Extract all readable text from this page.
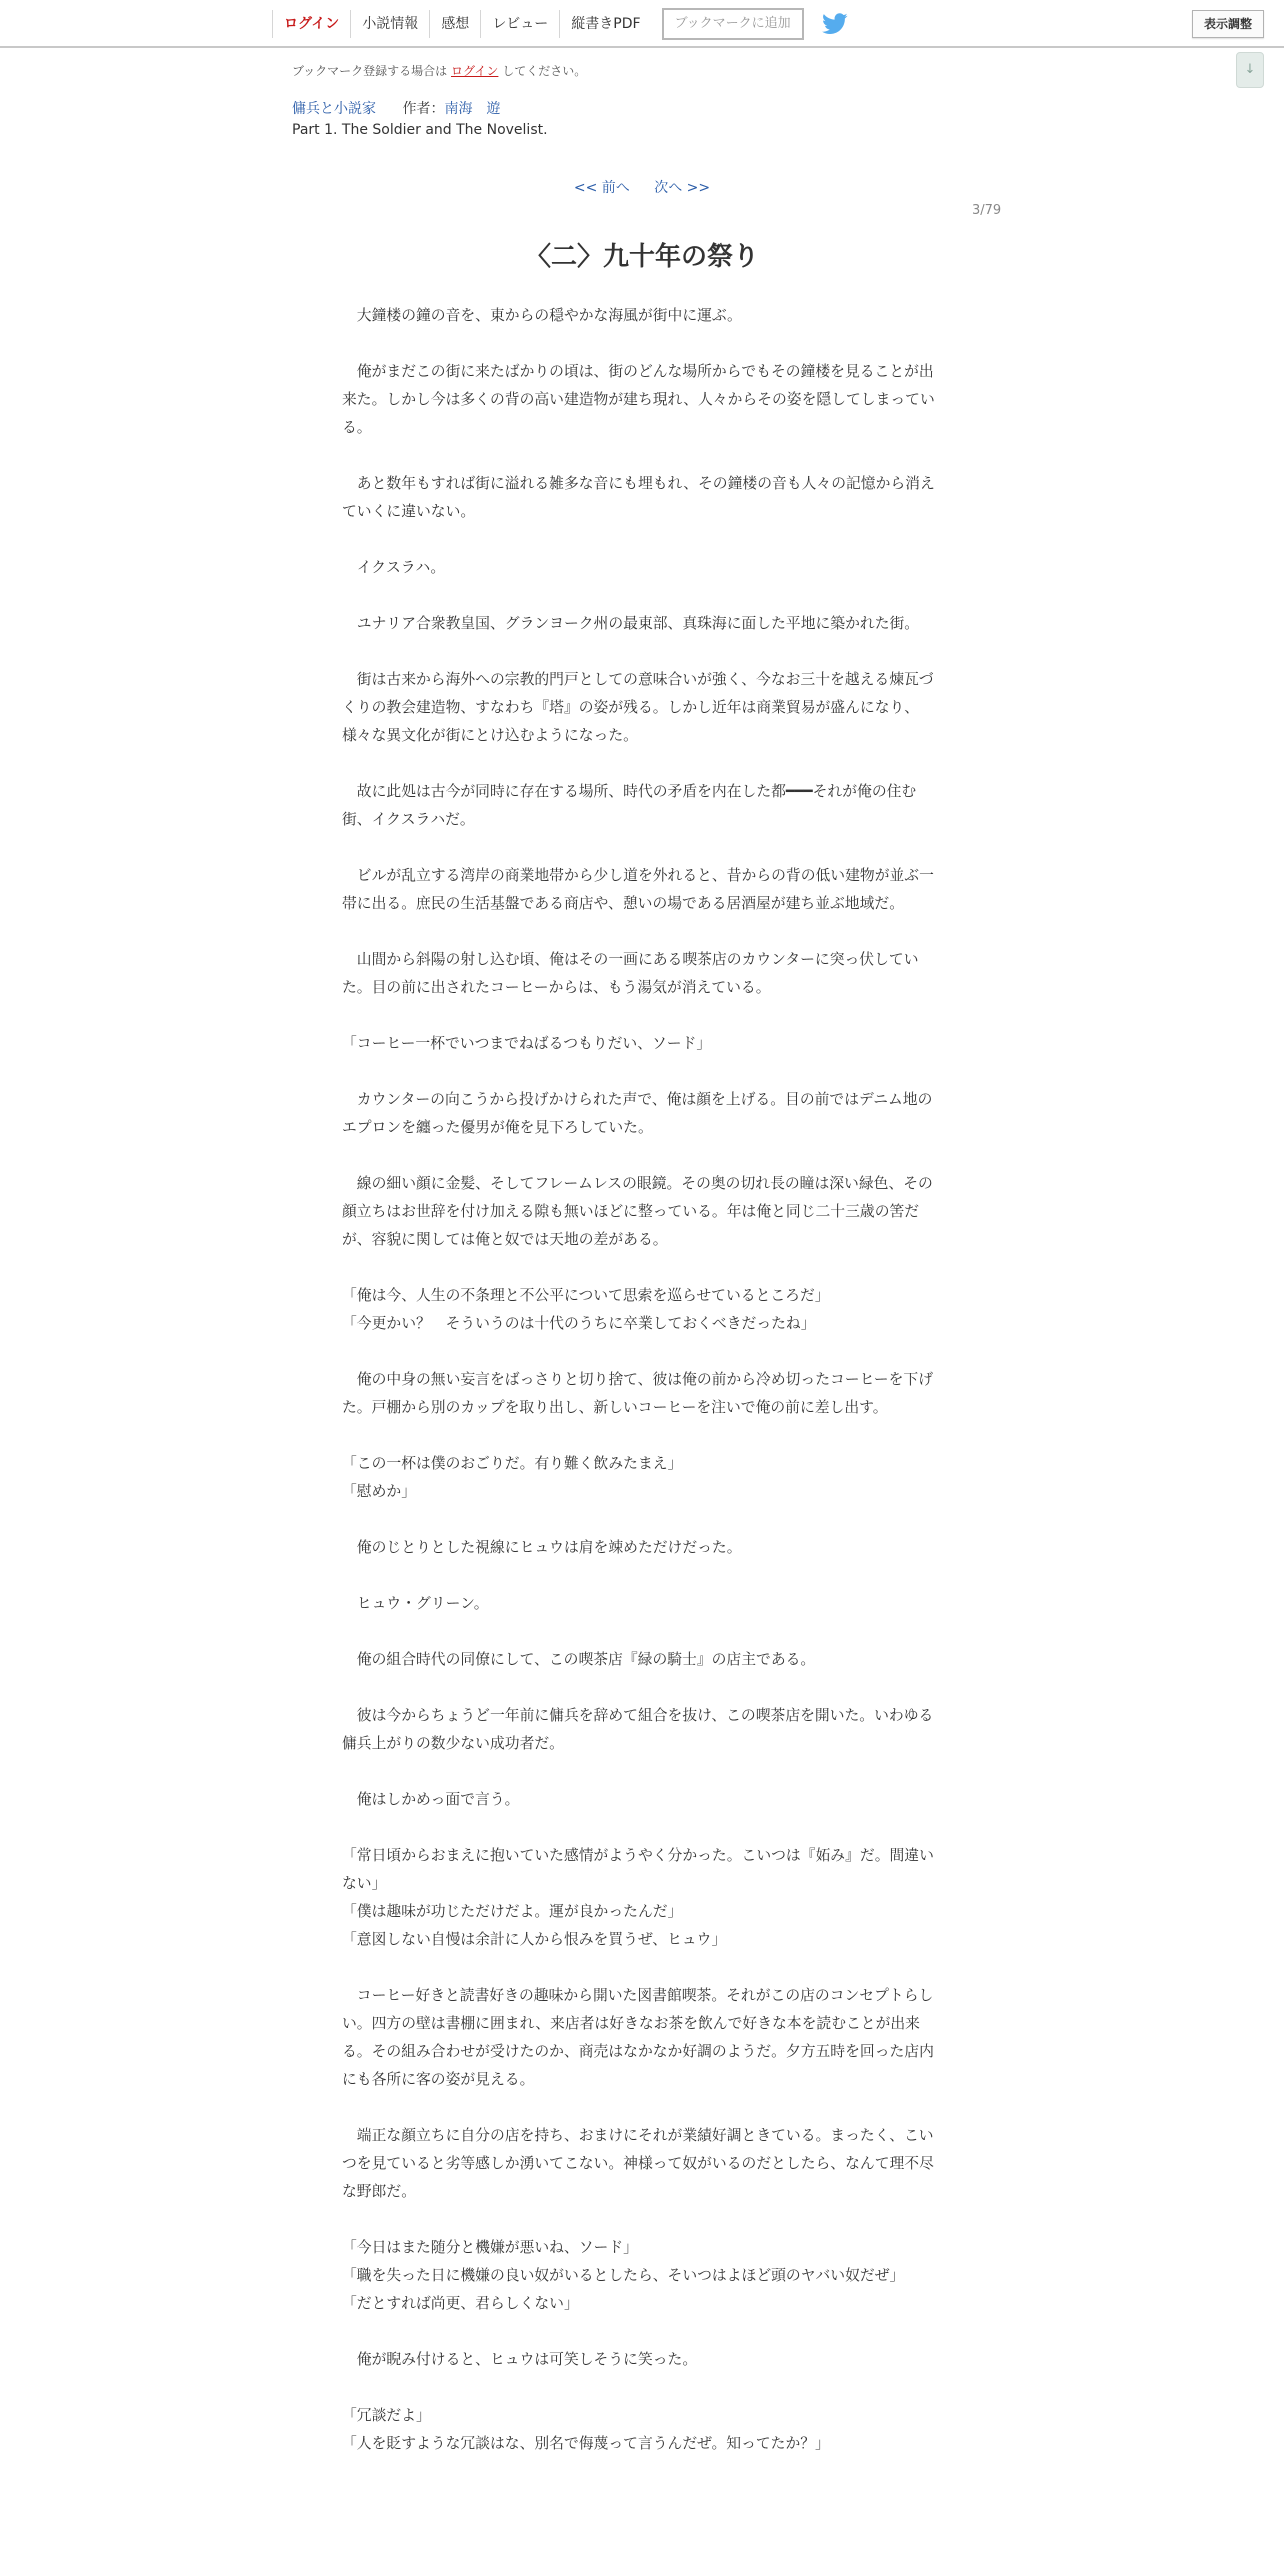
ログイン	小説情報	感想	レビュー	縦書きPDF	ブックマークに追加	表示調整
↓
ブックマーク登録する場合は ログイン してください。
傭兵と小説家 作者：南海　遊
Part 1. The Soldier and The Novelist.
<< 前へ 次へ >>
3/79
〈二〉九十年の祭り

　大鐘楼の鐘の音を、東からの穏やかな海風が街中に運ぶ。

　俺がまだこの街に来たばかりの頃は、街のどんな場所からでもその鐘楼を見ることが出来た。しかし今は多くの背の高い建造物が建ち現れ、人々からその姿を隠してしまっている。

　あと数年もすれば街に溢れる雑多な音にも埋もれ、その鐘楼の音も人々の記憶から消えていくに違いない。

　イクスラハ。

　ユナリア合衆教皇国、グランヨーク州の最東部、真珠海に面した平地に築かれた街。

　街は古来から海外への宗教的門戸としての意味合いが強く、今なお三十を越える煉瓦づくりの教会建造物、すなわち『塔』の姿が残る。しかし近年は商業貿易が盛んになり、様々な異文化が街にとけ込むようになった。

　故に此処は古今が同時に存在する場所、時代の矛盾を内在した都━━━それが俺の住む街、イクスラハだ。

　ビルが乱立する湾岸の商業地帯から少し道を外れると、昔からの背の低い建物が並ぶ一帯に出る。庶民の生活基盤である商店や、憩いの場である居酒屋が建ち並ぶ地域だ。

　山間から斜陽の射し込む頃、俺はその一画にある喫茶店のカウンターに突っ伏していた。目の前に出されたコーヒーからは、もう湯気が消えている。

「コーヒー一杯でいつまでねばるつもりだい、ソード」

　カウンターの向こうから投げかけられた声で、俺は顔を上げる。目の前ではデニム地のエプロンを纏った優男が俺を見下ろしていた。

　線の細い顔に金髪、そしてフレームレスの眼鏡。その奥の切れ長の瞳は深い緑色、その顔立ちはお世辞を付け加える隙も無いほどに整っている。年は俺と同じ二十三歳の筈だが、容貌に関しては俺と奴では天地の差がある。

「俺は今、人生の不条理と不公平について思索を巡らせているところだ」
「今更かい？　そういうのは十代のうちに卒業しておくべきだったね」

　俺の中身の無い妄言をばっさりと切り捨て、彼は俺の前から冷め切ったコーヒーを下げた。戸棚から別のカップを取り出し、新しいコーヒーを注いで俺の前に差し出す。

「この一杯は僕のおごりだ。有り難く飲みたまえ」
「慰めか」

　俺のじとりとした視線にヒュウは肩を竦めただけだった。

　ヒュウ・グリーン。

　俺の組合時代の同僚にして、この喫茶店『緑の騎士』の店主である。

　彼は今からちょうど一年前に傭兵を辞めて組合を抜け、この喫茶店を開いた。いわゆる傭兵上がりの数少ない成功者だ。

　俺はしかめっ面で言う。

「常日頃からおまえに抱いていた感情がようやく分かった。こいつは『妬み』だ。間違いない」
「僕は趣味が功じただけだよ。運が良かったんだ」
「意図しない自慢は余計に人から恨みを買うぜ、ヒュウ」

　コーヒー好きと読書好きの趣味から開いた図書館喫茶。それがこの店のコンセプトらしい。四方の壁は書棚に囲まれ、来店者は好きなお茶を飲んで好きな本を読むことが出来る。その組み合わせが受けたのか、商売はなかなか好調のようだ。夕方五時を回った店内にも各所に客の姿が見える。

　端正な顔立ちに自分の店を持ち、おまけにそれが業績好調ときている。まったく、こいつを見ていると劣等感しか湧いてこない。神様って奴がいるのだとしたら、なんて理不尽な野郎だ。

「今日はまた随分と機嫌が悪いね、ソード」
「職を失った日に機嫌の良い奴がいるとしたら、そいつはよほど頭のヤバい奴だぜ」
「だとすれば尚更、君らしくない」

　俺が睨み付けると、ヒュウは可笑しそうに笑った。

「冗談だよ」
「人を貶すような冗談はな、別名で侮蔑って言うんだぜ。知ってたか？」
